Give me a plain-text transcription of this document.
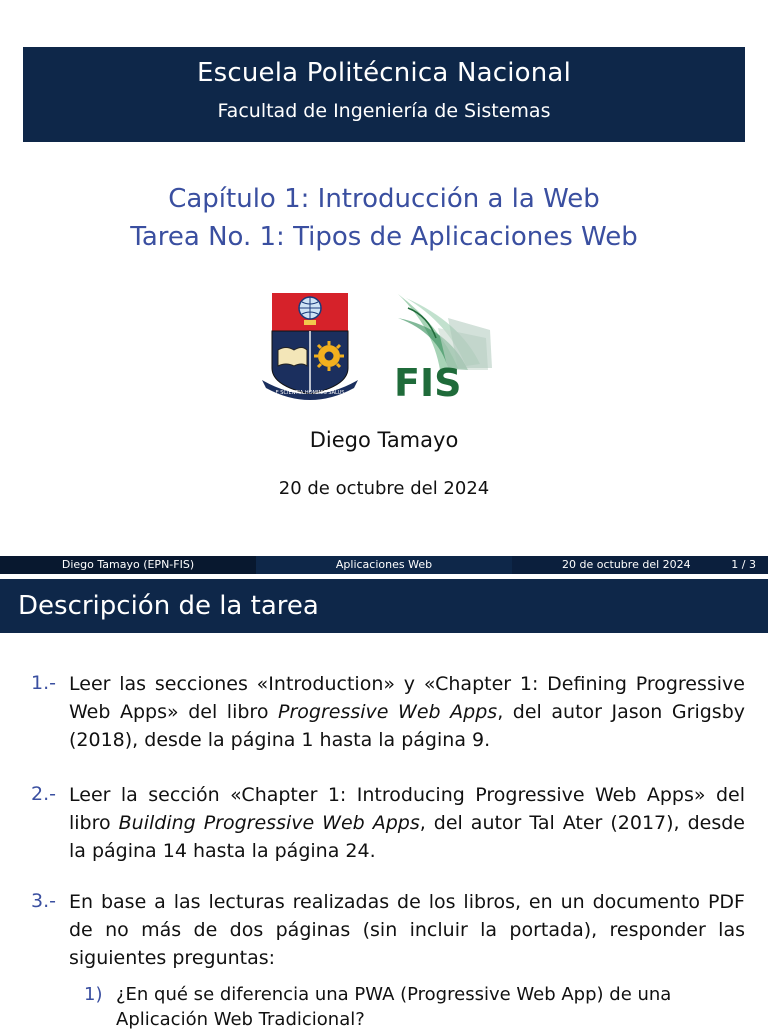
Escuela Politécnica Nacional
Facultad de Ingeniería de Sistemas
Capítulo 1: Introducción a la Web
Tarea No. 1: Tipos de Aplicaciones Web
E SCIENTIA HOMINIS SALUS FIS
Diego Tamayo
20 de octubre del 2024
Diego Tamayo (EPN-FIS)	Aplicaciones Web	20 de octubre del 2024	1 / 3
Descripción de la tarea
1.- Leer las secciones «Introduction» y «Chapter 1: Defining Progressive Web Apps» del libro Progressive Web Apps, del autor Jason Grigsby (2018), desde la página 1 hasta la página 9.
2.- Leer la sección «Chapter 1: Introducing Progressive Web Apps» del libro Building Progressive Web Apps, del autor Tal Ater (2017), desde la página 14 hasta la página 24.
3.- En base a las lecturas realizadas de los libros, en un documento PDF de no más de dos páginas (sin incluir la portada), responder las siguientes preguntas:
1) ¿En qué se diferencia una PWA (Progressive Web App) de una Aplicación Web Tradicional?
